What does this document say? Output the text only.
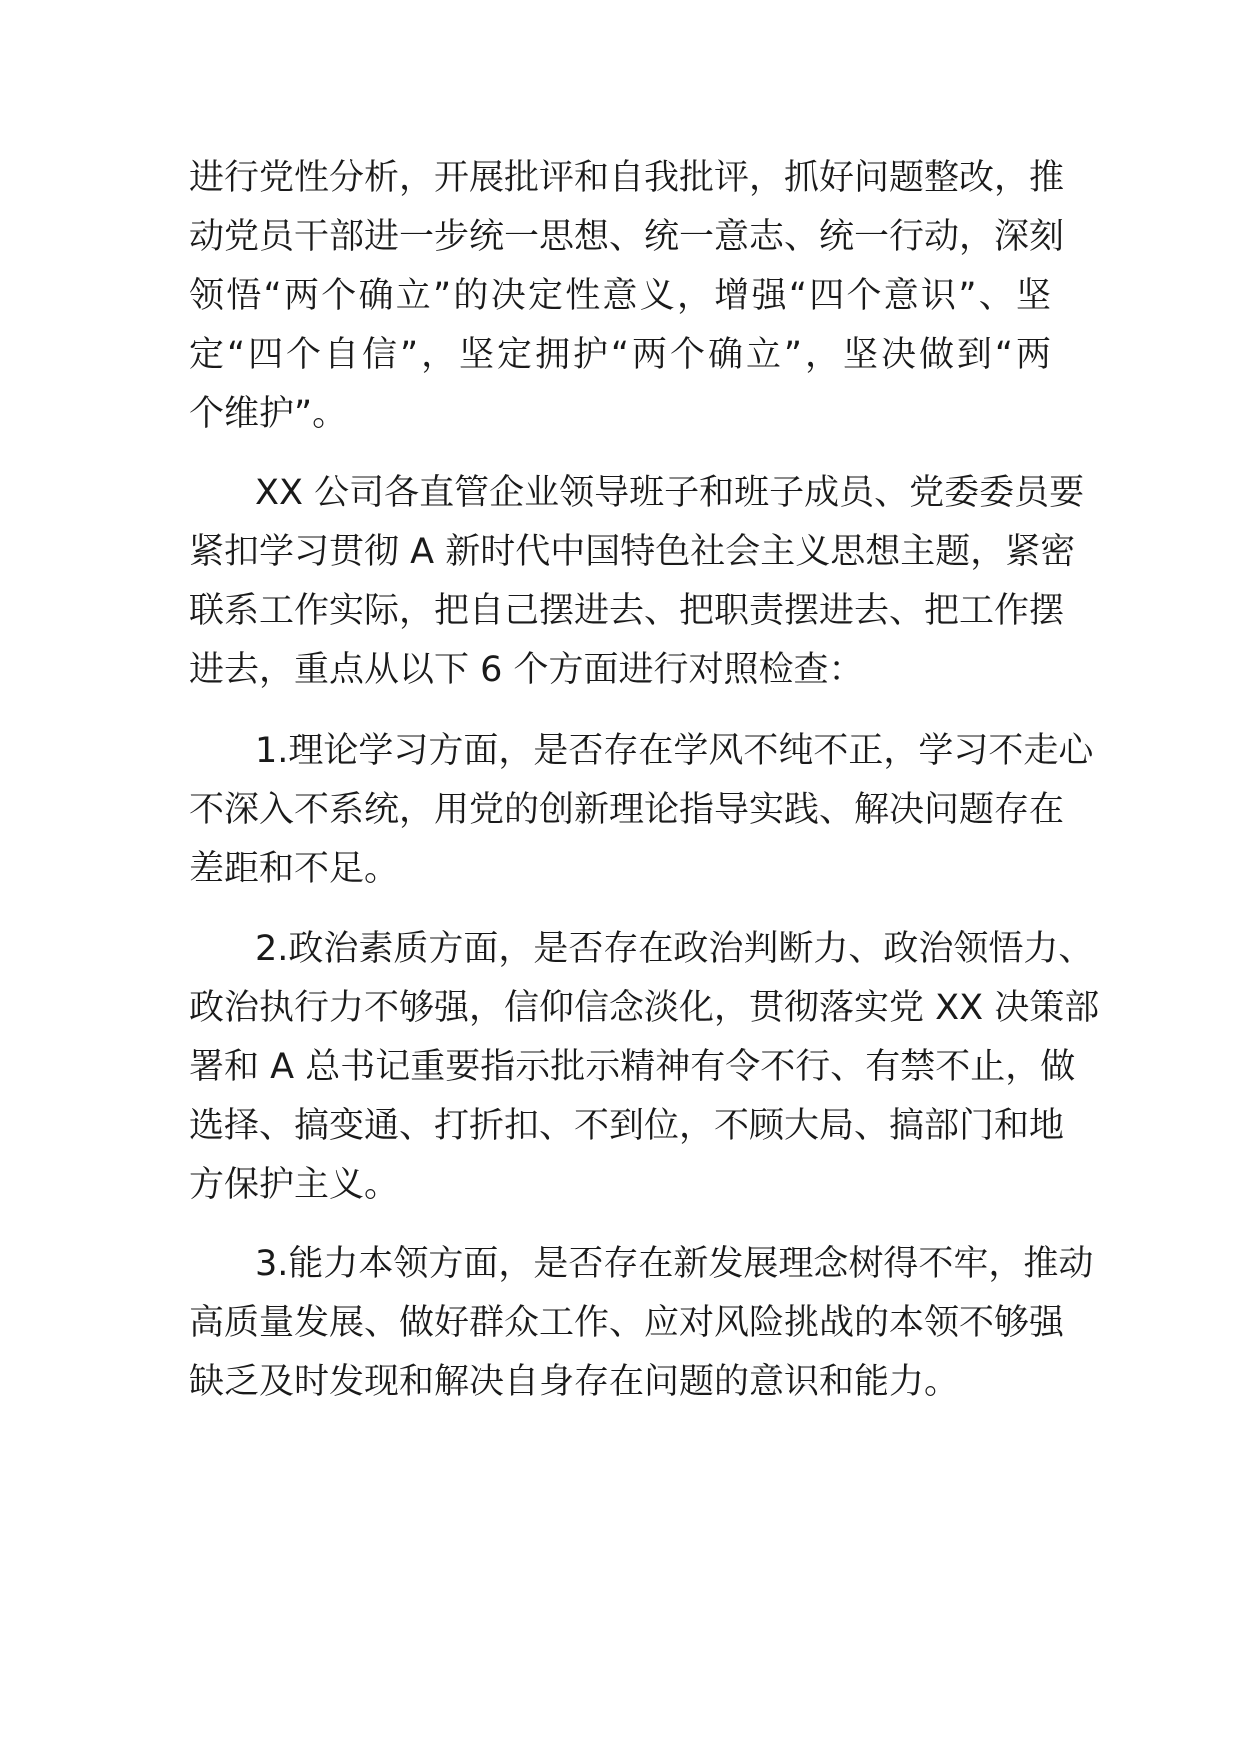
进行党性分析，开展批评和自我批评，抓好问题整改，推
动党员干部进一步统一思想、统一意志、统一行动，深刻
领悟“两个确立”的决定性意义，增强“四个意识”、坚
定“四个自信”，坚定拥护“两个确立”，坚决做到“两
个维护”。
XX 公司各直管企业领导班子和班子成员、党委委员要
紧扣学习贯彻 A 新时代中国特色社会主义思想主题，紧密
联系工作实际，把自己摆进去、把职责摆进去、把工作摆
进去，重点从以下 6 个方面进行对照检查：
1.理论学习方面，是否存在学风不纯不正，学习不走心
不深入不系统，用党的创新理论指导实践、解决问题存在
差距和不足。
2.政治素质方面，是否存在政治判断力、政治领悟力、
政治执行力不够强，信仰信念淡化，贯彻落实党 XX 决策部
署和 A 总书记重要指示批示精神有令不行、有禁不止，做
选择、搞变通、打折扣、不到位，不顾大局、搞部门和地
方保护主义。
3.能力本领方面，是否存在新发展理念树得不牢，推动
高质量发展、做好群众工作、应对风险挑战的本领不够强
缺乏及时发现和解决自身存在问题的意识和能力。
